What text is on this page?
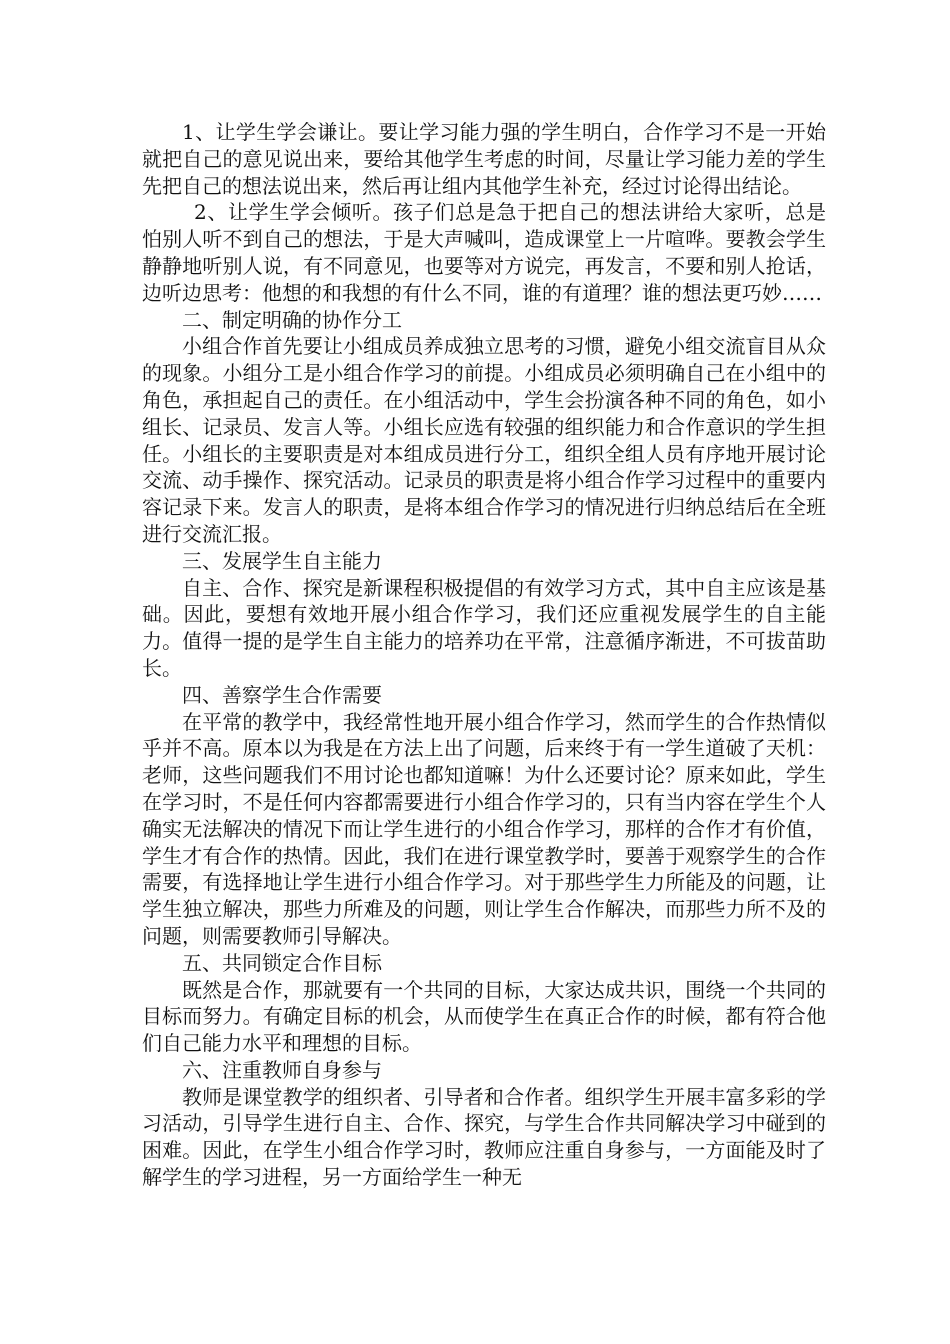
1、让学生学会谦让。要让学习能力强的学生明白，合作学习不是一开始就把自己的意见说出来，要给其他学生考虑的时间，尽量让学习能力差的学生先把自己的想法说出来，然后再让组内其他学生补充，经过讨论得出结论。

2、让学生学会倾听。孩子们总是急于把自己的想法讲给大家听，总是怕别人听不到自己的想法，于是大声喊叫，造成课堂上一片喧哗。要教会学生静静地听别人说，有不同意见，也要等对方说完，再发言，不要和别人抢话，边听边思考：他想的和我想的有什么不同，谁的有道理？谁的想法更巧妙……

二、制定明确的协作分工

小组合作首先要让小组成员养成独立思考的习惯，避免小组交流盲目从众的现象。小组分工是小组合作学习的前提。小组成员必须明确自己在小组中的角色，承担起自己的责任。在小组活动中，学生会扮演各种不同的角色，如小组长、记录员、发言人等。小组长应选有较强的组织能力和合作意识的学生担任。小组长的主要职责是对本组成员进行分工，组织全组人员有序地开展讨论交流、动手操作、探究活动。记录员的职责是将小组合作学习过程中的重要内容记录下来。发言人的职责，是将本组合作学习的情况进行归纳总结后在全班进行交流汇报。

三、发展学生自主能力

自主、合作、探究是新课程积极提倡的有效学习方式，其中自主应该是基础。因此，要想有效地开展小组合作学习，我们还应重视发展学生的自主能力。值得一提的是学生自主能力的培养功在平常，注意循序渐进，不可拔苗助长。

四、善察学生合作需要

在平常的教学中，我经常性地开展小组合作学习，然而学生的合作热情似乎并不高。原本以为我是在方法上出了问题，后来终于有一学生道破了天机：老师，这些问题我们不用讨论也都知道嘛！为什么还要讨论？原来如此，学生在学习时，不是任何内容都需要进行小组合作学习的，只有当内容在学生个人确实无法解决的情况下而让学生进行的小组合作学习，那样的合作才有价值，学生才有合作的热情。因此，我们在进行课堂教学时，要善于观察学生的合作需要，有选择地让学生进行小组合作学习。对于那些学生力所能及的问题，让学生独立解决，那些力所难及的问题，则让学生合作解决，而那些力所不及的问题，则需要教师引导解决。

五、共同锁定合作目标

既然是合作，那就要有一个共同的目标，大家达成共识，围绕一个共同的目标而努力。有确定目标的机会，从而使学生在真正合作的时候，都有符合他们自己能力水平和理想的目标。

六、注重教师自身参与

教师是课堂教学的组织者、引导者和合作者。组织学生开展丰富多彩的学习活动，引导学生进行自主、合作、探究，与学生合作共同解决学习中碰到的困难。因此，在学生小组合作学习时，教师应注重自身参与，一方面能及时了解学生的学习进程，另一方面给学生一种无
